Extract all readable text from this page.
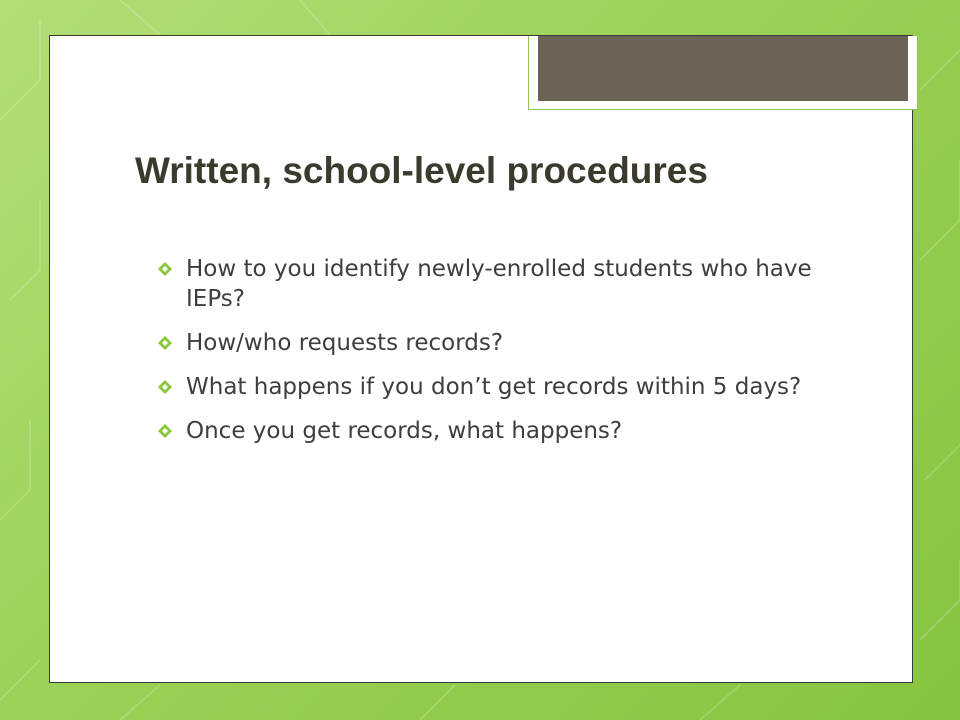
Written, school-level procedures
How to you identify newly-enrolled students who have IEPs?
How/who requests records?
What happens if you don’t get records within 5 days?
Once you get records, what happens?
